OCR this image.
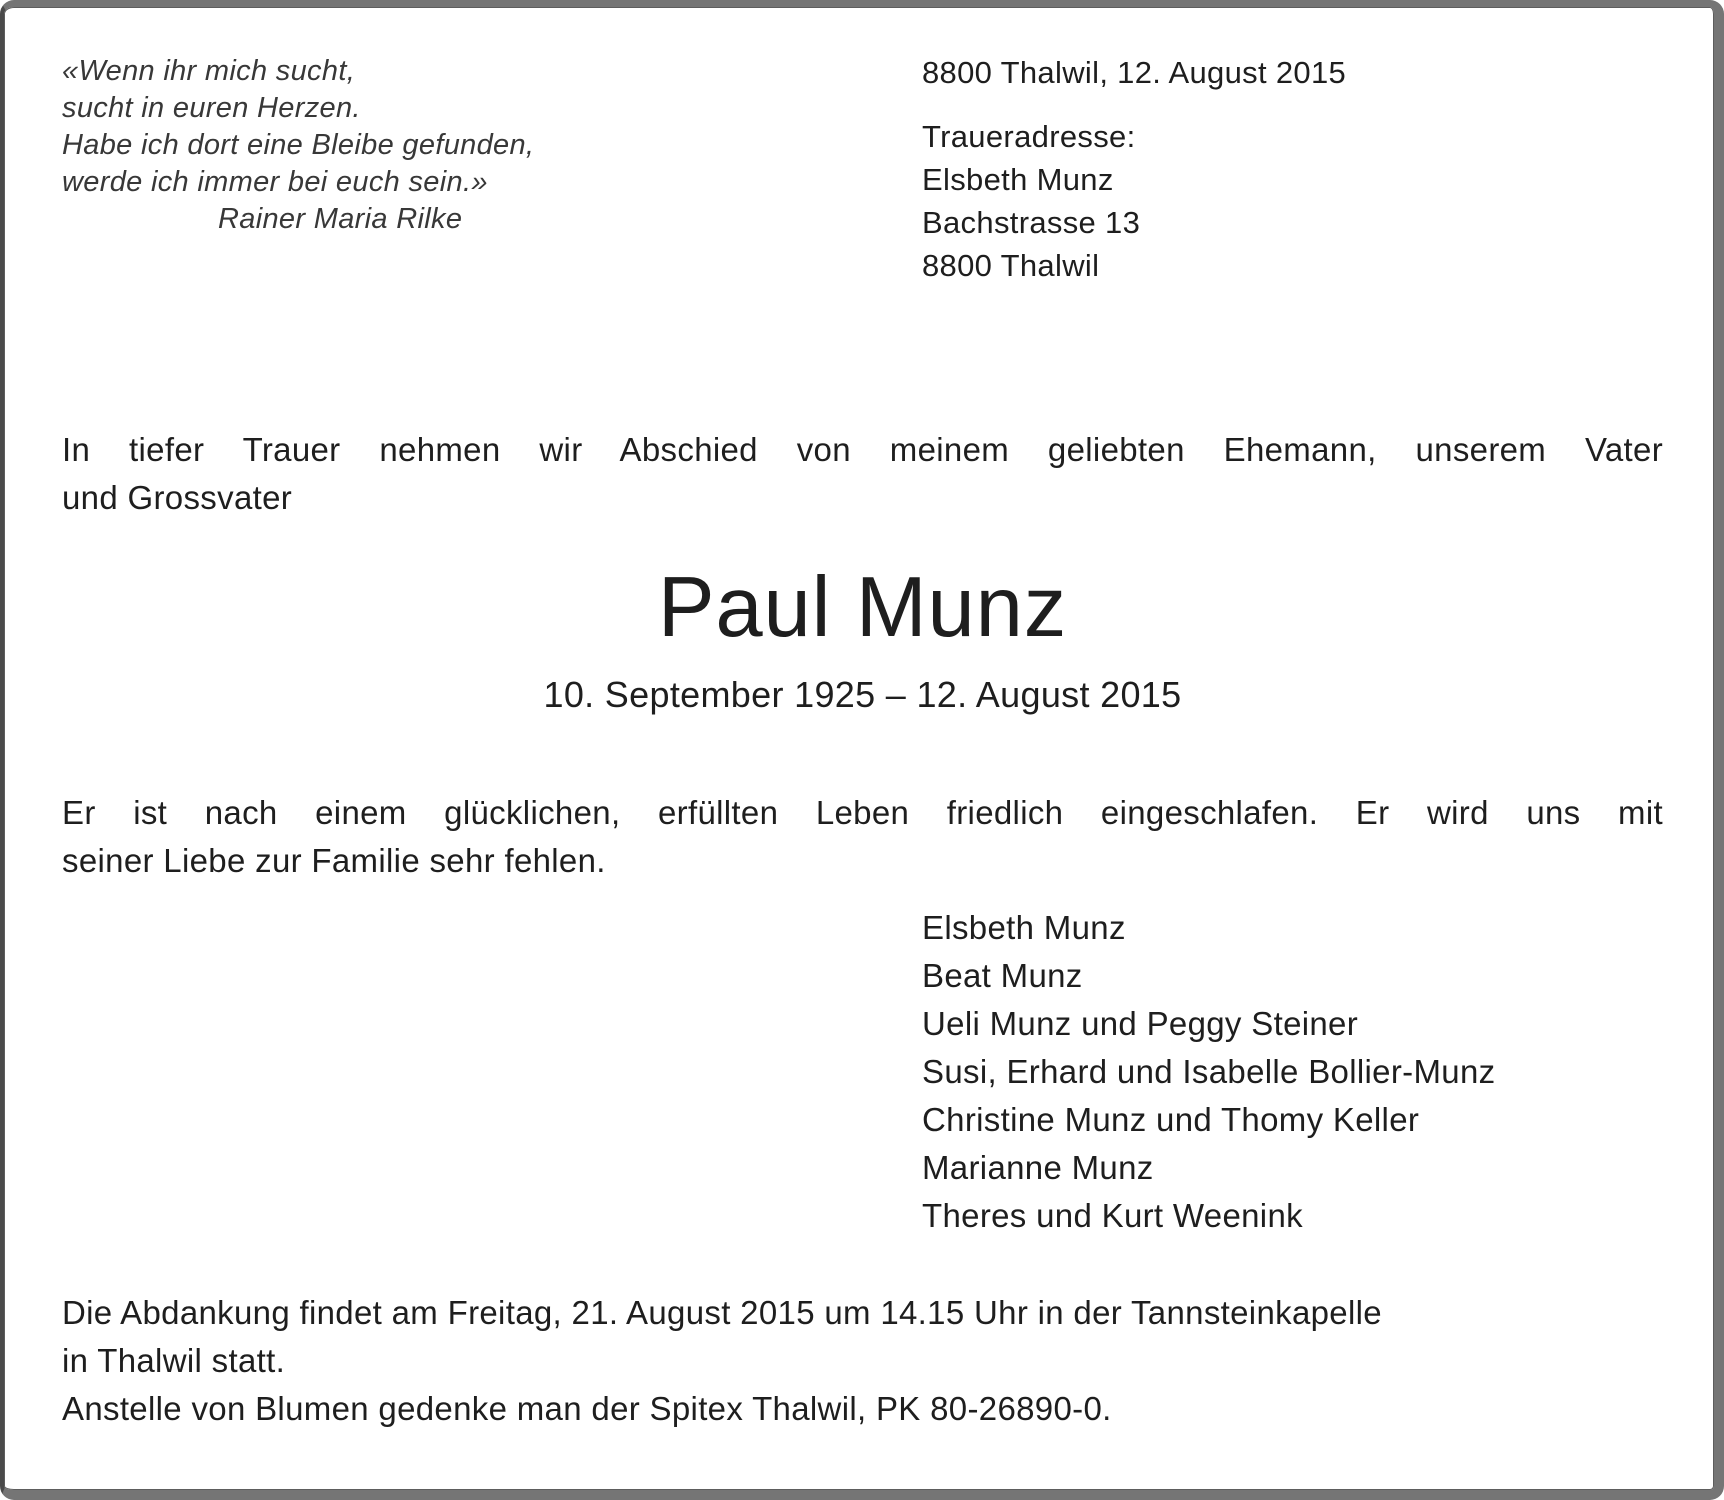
«Wenn ihr mich sucht,
sucht in euren Herzen.
Habe ich dort eine Bleibe gefunden,
werde ich immer bei euch sein.»
Rainer Maria Rilke
8800 Thalwil, 12. August 2015
Traueradresse:
Elsbeth Munz
Bachstrasse 13
8800 Thalwil
In tiefer Trauer nehmen wir Abschied von meinem geliebten Ehemann, unserem Vater
und Grossvater
Paul Munz
10. September 1925 – 12. August 2015
Er ist nach einem glücklichen, erfüllten Leben friedlich eingeschlafen. Er wird uns mit
seiner Liebe zur Familie sehr fehlen.
Elsbeth Munz
Beat Munz
Ueli Munz und Peggy Steiner
Susi, Erhard und Isabelle Bollier-Munz
Christine Munz und Thomy Keller
Marianne Munz
Theres und Kurt Weenink
Die Abdankung findet am Freitag, 21. August 2015 um 14.15 Uhr in der Tannsteinkapelle
in Thalwil statt.
Anstelle von Blumen gedenke man der Spitex Thalwil, PK 80-26890-0.
